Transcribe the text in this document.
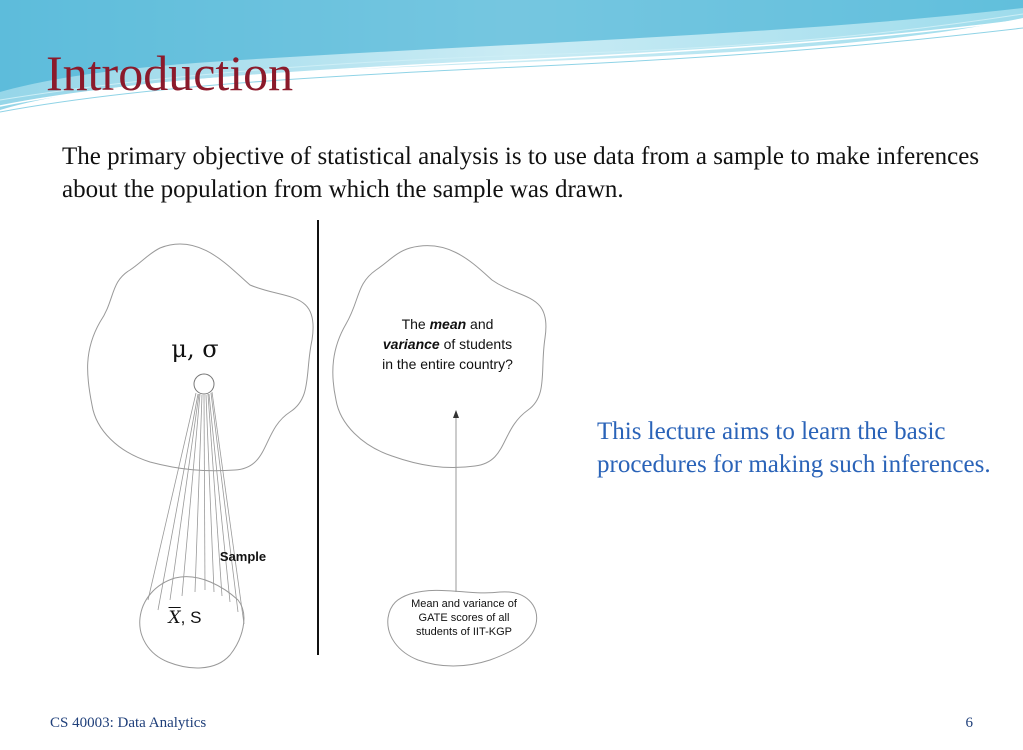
Introduction
The primary objective of statistical analysis is to use data from a sample to make inferences about the population from which the sample was drawn.
μ, σ
Sample
$\overline{X}$, S
The mean and variance of students in the entire country?
Mean and variance of GATE scores of all students of IIT-KGP
This lecture aims to learn the basic procedures for making such inferences.
CS 40003: Data Analytics	6
